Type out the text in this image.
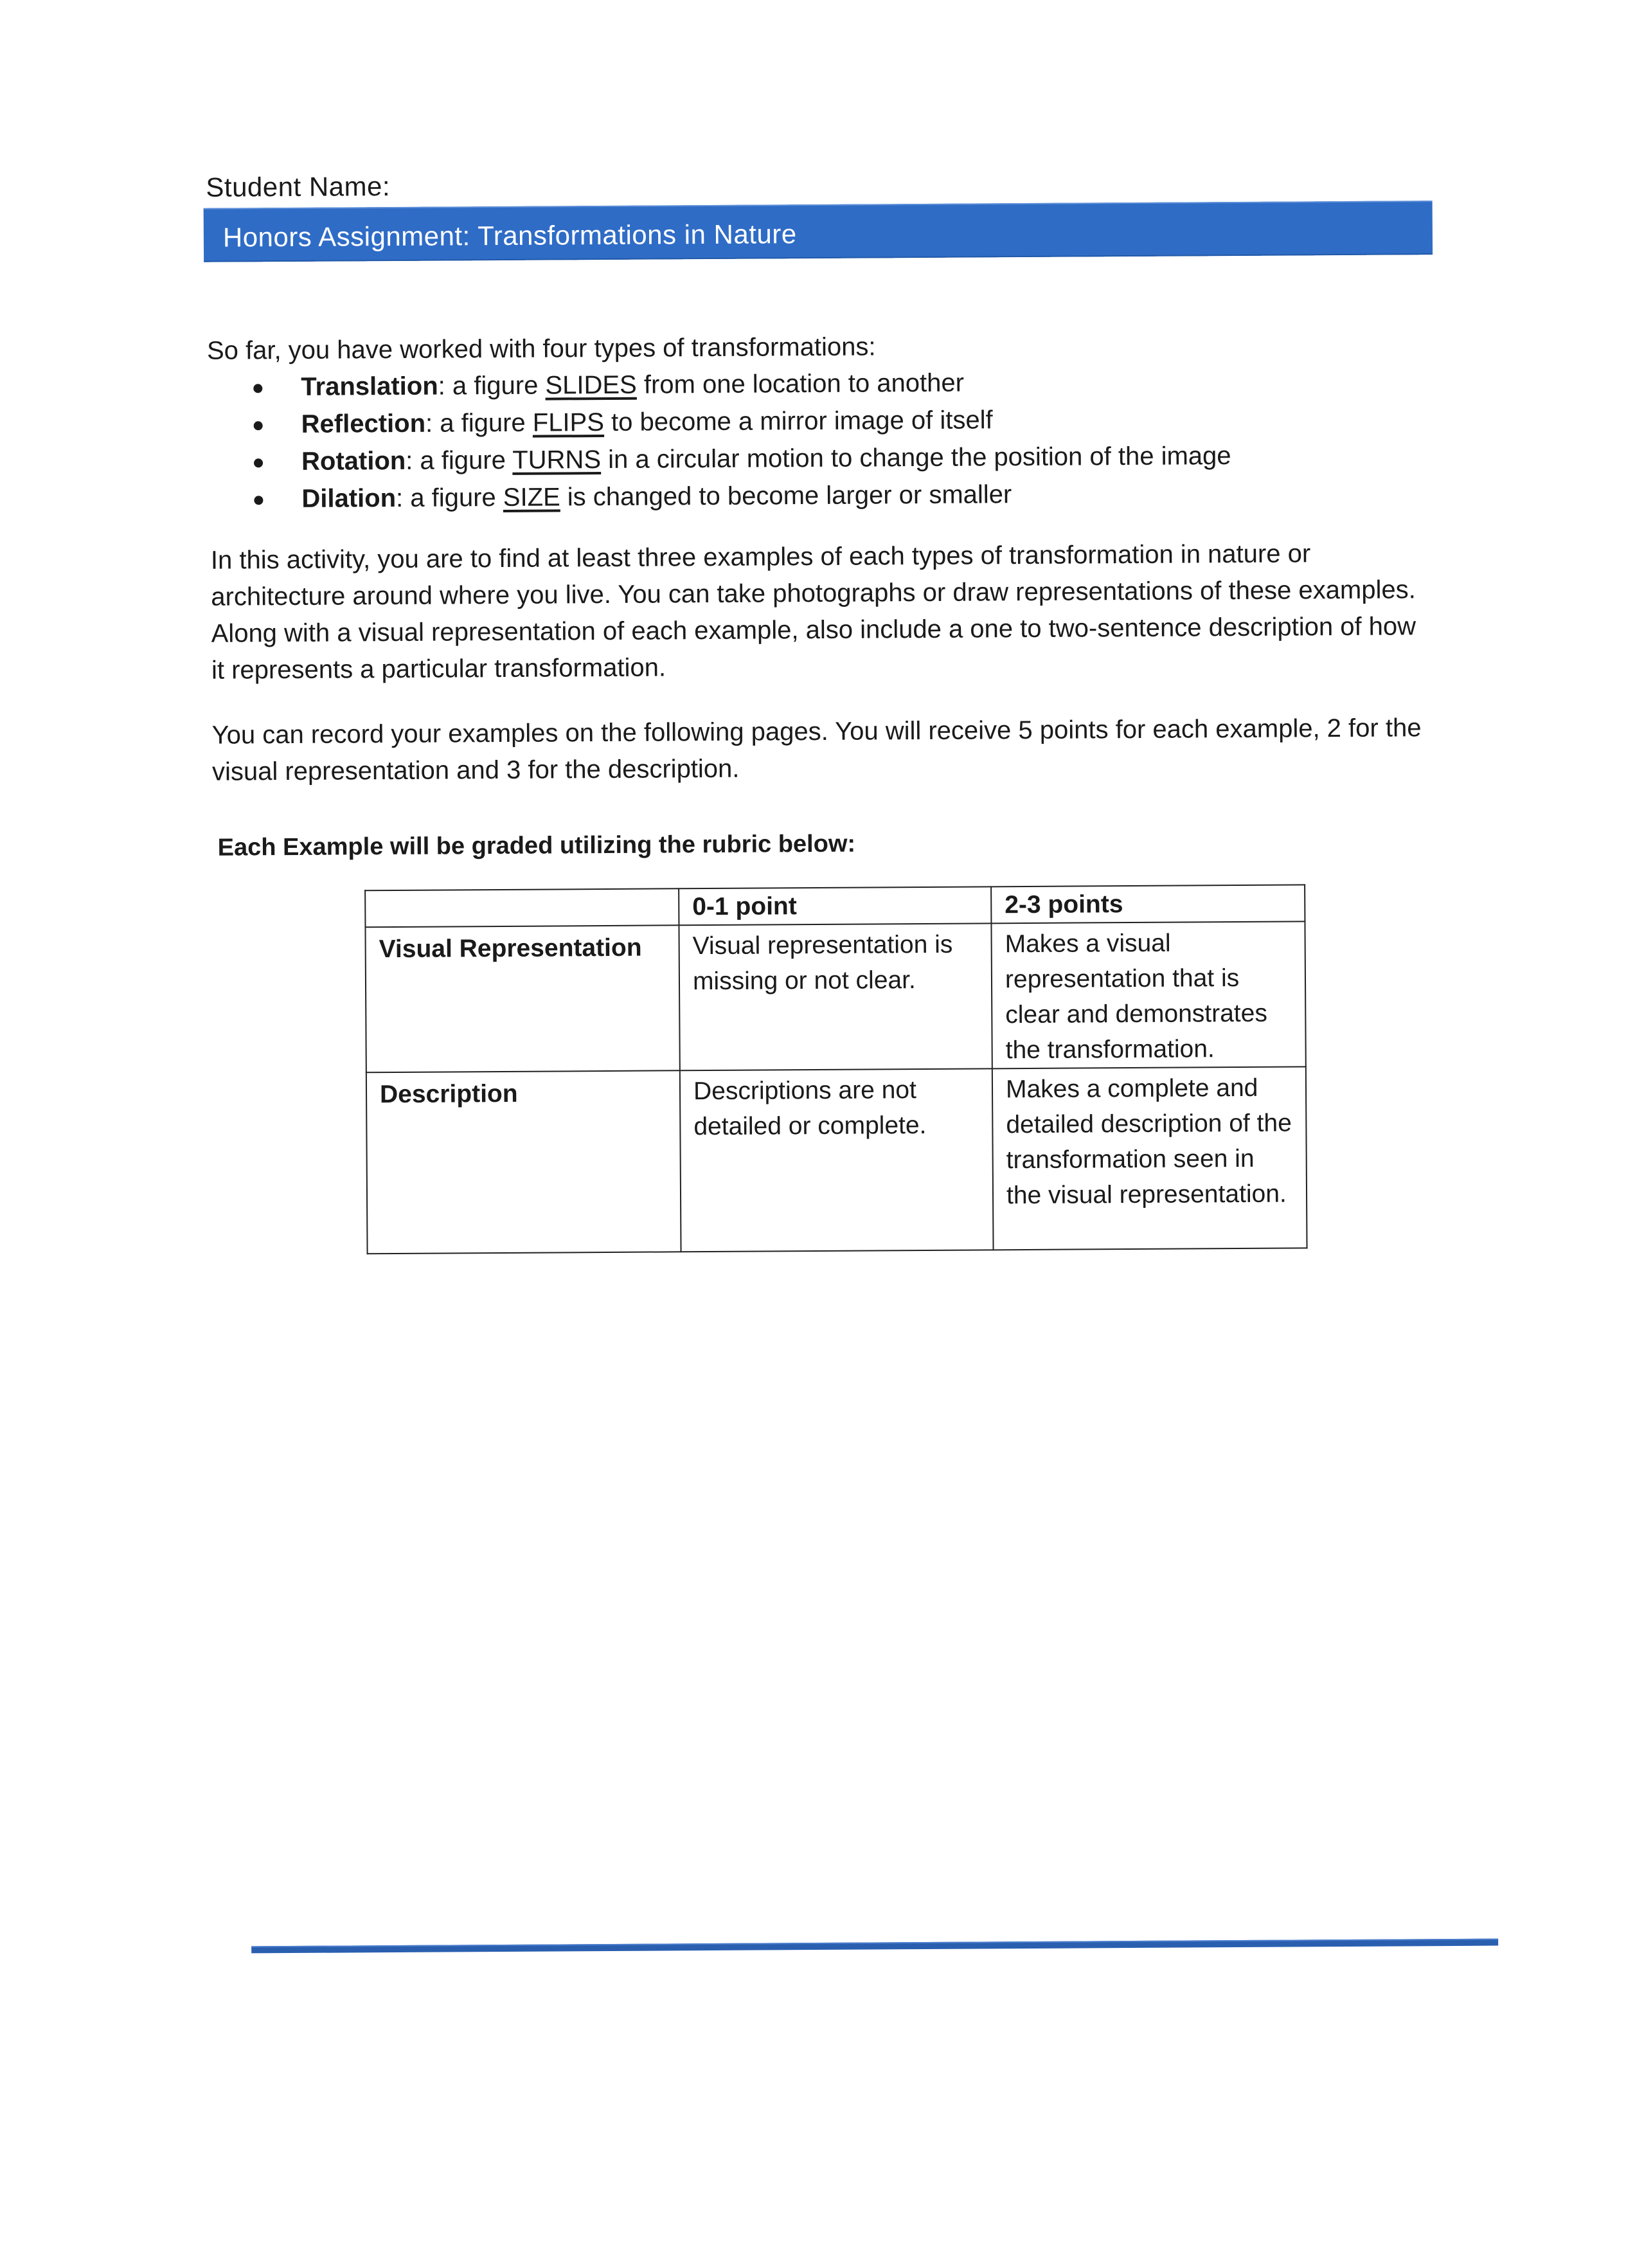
Student Name:
Honors Assignment: Transformations in Nature
So far, you have worked with four types of transformations:
Translation: a figure SLIDES from one location to another
Reflection: a figure FLIPS to become a mirror image of itself
Rotation: a figure TURNS in a circular motion to change the position of the image
Dilation: a figure SIZE is changed to become larger or smaller
In this activity, you are to find at least three examples of each types of transformation in nature or architecture around where you live. You can take photographs or draw representations of these examples. Along with a visual representation of each example, also include a one to two-sentence description of how it represents a particular transformation.
You can record your examples on the following pages. You will receive 5 points for each example, 2 for the visual representation and 3 for the description.
Each Example will be graded utilizing the rubric below:
	0-1 point	2-3 points

Visual Representation	Visual representation is missing or not clear.	Makes a visual representation that is clear and demonstrates the transformation.

Description	Descriptions are not detailed or complete.	Makes a complete and detailed description of the transformation seen in the visual representation.
